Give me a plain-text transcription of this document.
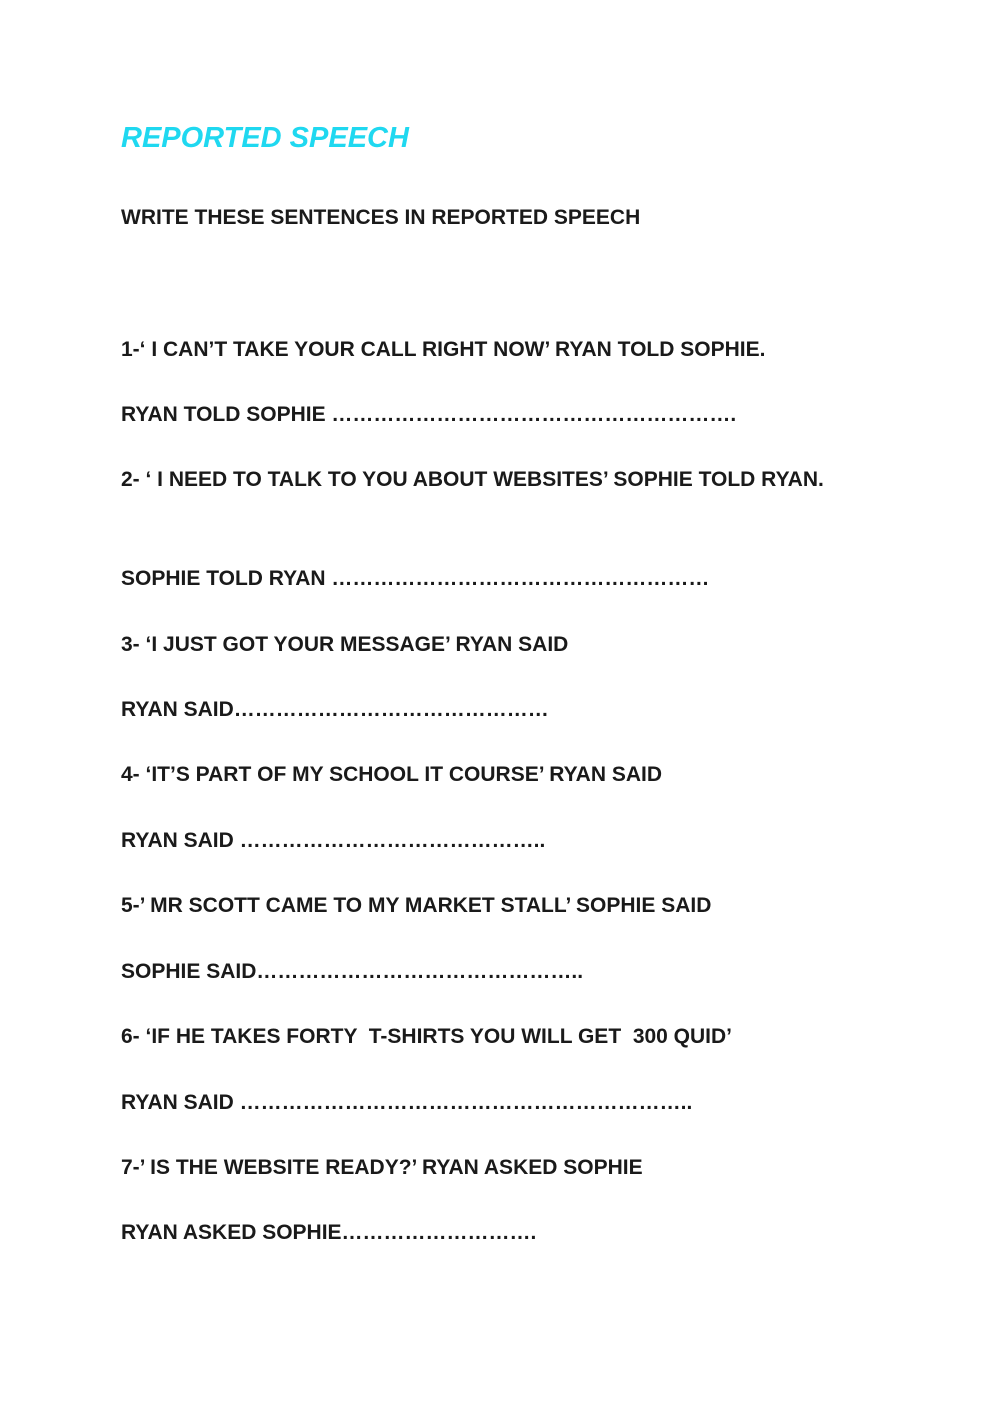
REPORTED SPEECH

WRITE THESE SENTENCES IN REPORTED SPEECH

1-‘ I CAN’T TAKE YOUR CALL RIGHT NOW’ RYAN TOLD SOPHIE.

RYAN TOLD SOPHIE ………………………………………………….

2- ‘ I NEED TO TALK TO YOU ABOUT WEBSITES’ SOPHIE TOLD RYAN.

SOPHIE TOLD RYAN ………………………………………………

3- ‘I JUST GOT YOUR MESSAGE’ RYAN SAID

RYAN SAID………………………………………

4- ‘IT’S PART OF MY SCHOOL IT COURSE’ RYAN SAID

RYAN SAID ……………………………………..

5-’ MR SCOTT CAME TO MY MARKET STALL’ SOPHIE SAID

SOPHIE SAID………………………………………..

6- ‘IF HE TAKES FORTY  T-SHIRTS YOU WILL GET  300 QUID’

RYAN SAID ………………………………………………………..

7-’ IS THE WEBSITE READY?’ RYAN ASKED SOPHIE

RYAN ASKED SOPHIE……………………….
